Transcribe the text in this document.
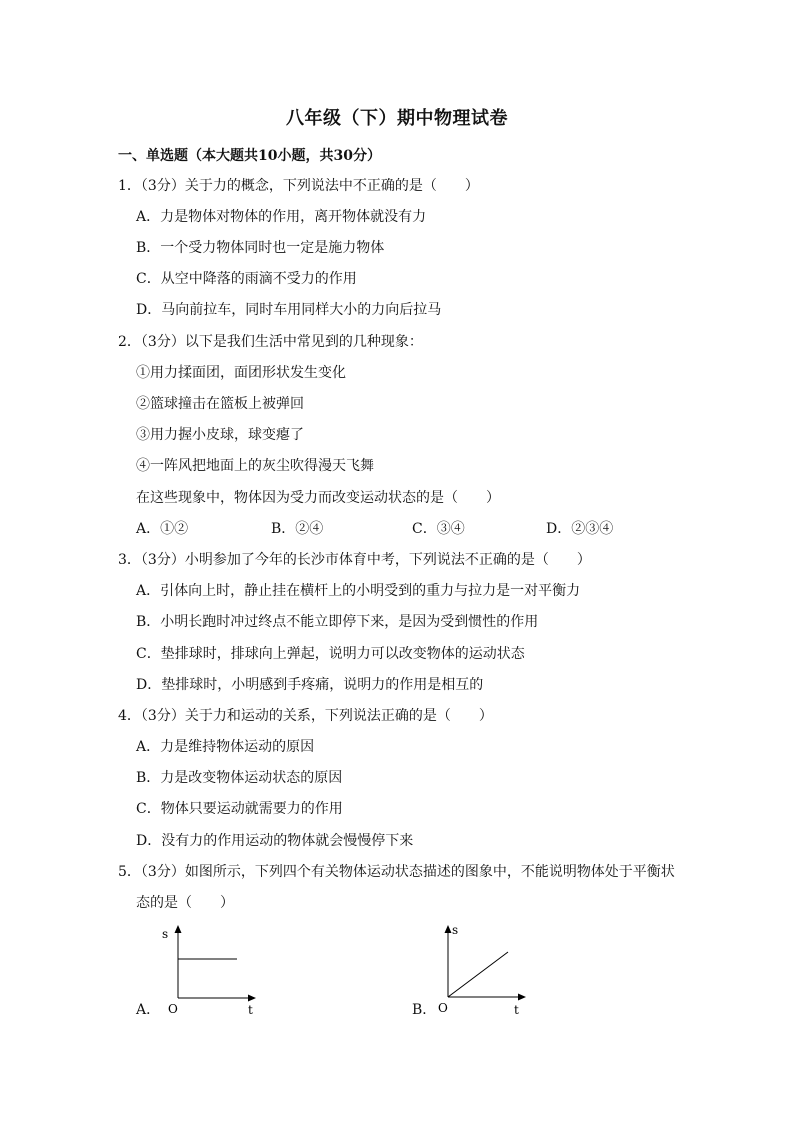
八年级（下）期中物理试卷
一、单选题（本大题共10小题，共30分）
1．（3分）关于力的概念，下列说法中不正确的是（　　）
A．力是物体对物体的作用，离开物体就没有力
B．一个受力物体同时也一定是施力物体
C．从空中降落的雨滴不受力的作用
D．马向前拉车，同时车用同样大小的力向后拉马
2．（3分）以下是我们生活中常见到的几种现象：
①用力揉面团，面团形状发生变化
②篮球撞击在篮板上被弹回
③用力握小皮球，球变瘪了
④一阵风把地面上的灰尘吹得漫天飞舞
在这些现象中，物体因为受力而改变运动状态的是（　　）
A．①②	B．②④	C．③④	D．②③④
3．（3分）小明参加了今年的长沙市体育中考，下列说法不正确的是（　　）
A．引体向上时，静止挂在横杆上的小明受到的重力与拉力是一对平衡力
B．小明长跑时冲过终点不能立即停下来，是因为受到惯性的作用
C．垫排球时，排球向上弹起，说明力可以改变物体的运动状态
D．垫排球时，小明感到手疼痛，说明力的作用是相互的
4．（3分）关于力和运动的关系，下列说法正确的是（　　）
A．力是维持物体运动的原因
B．力是改变物体运动状态的原因
C．物体只要运动就需要力的作用
D．没有力的作用运动的物体就会慢慢停下来
5．（3分）如图所示，下列四个有关物体运动状态描述的图象中，不能说明物体处于平衡状
态的是（　　）
A．
s
O	t	B．
s
O	t
